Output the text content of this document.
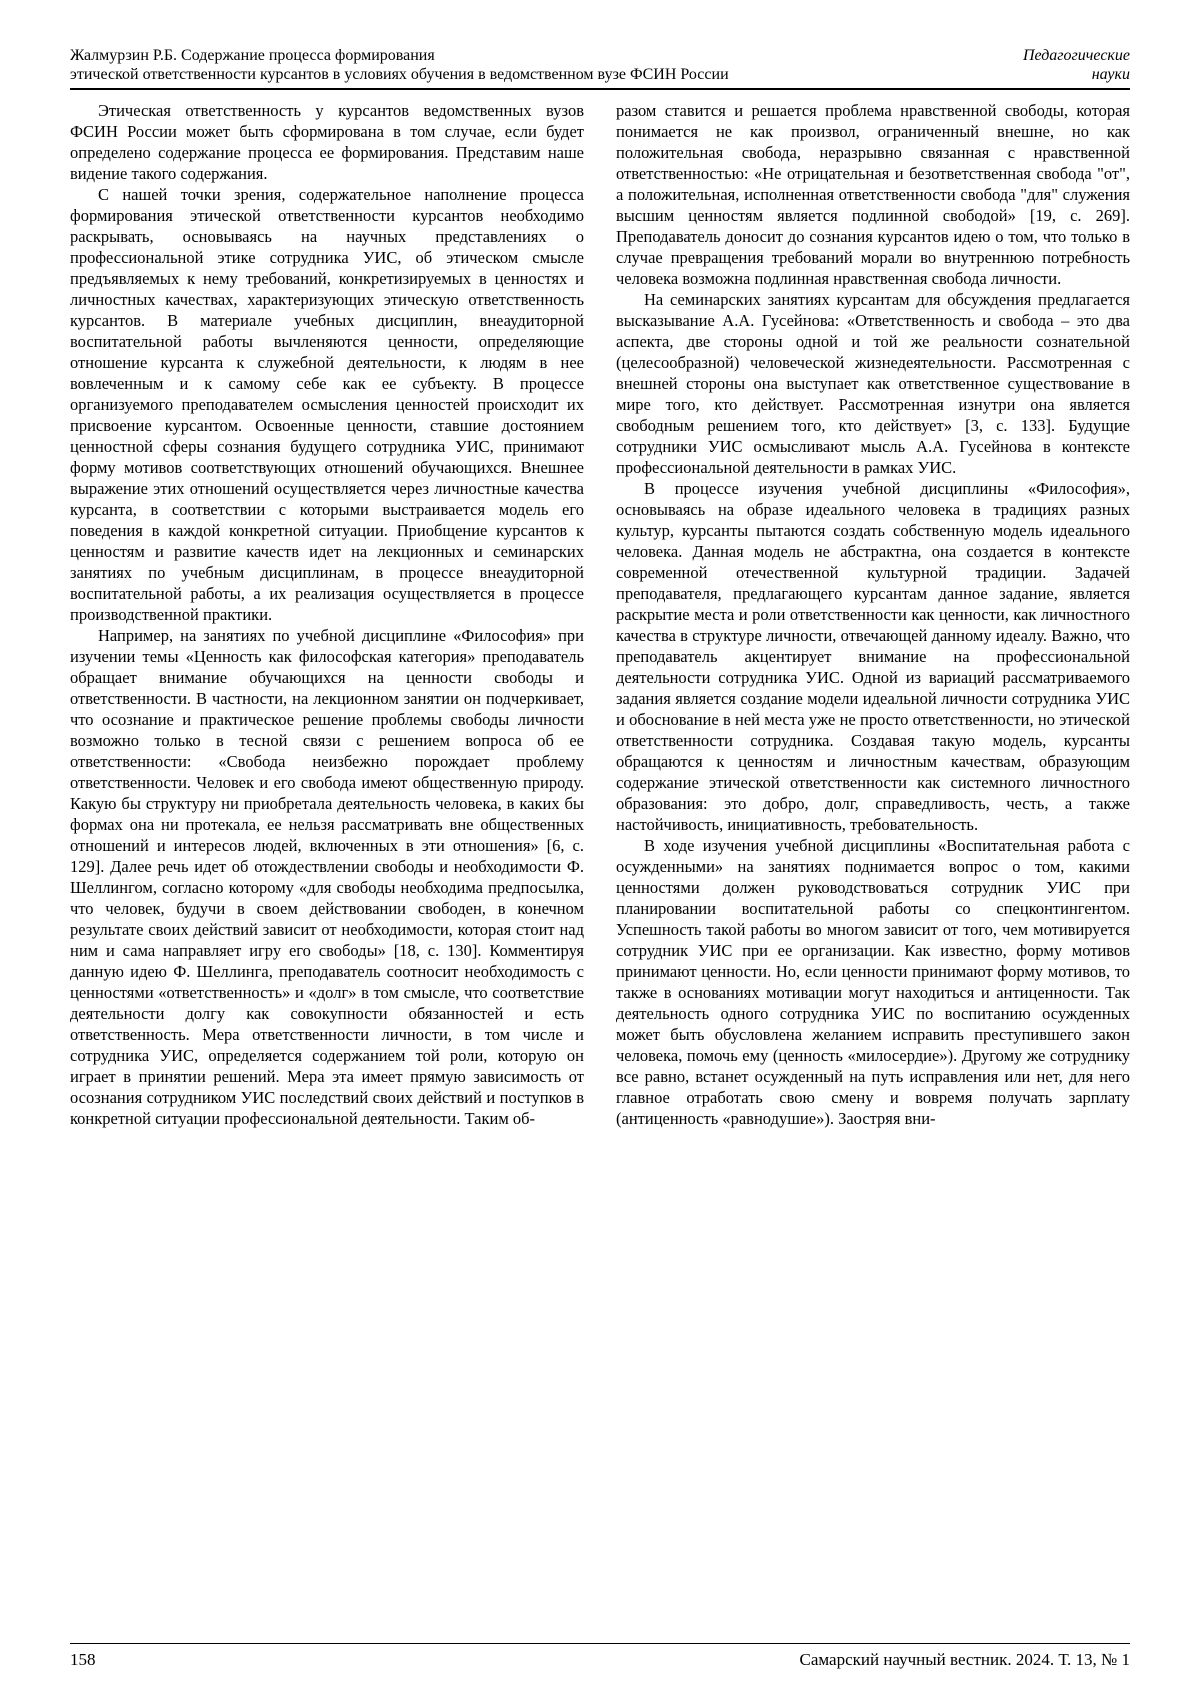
Жалмурзин Р.Б. Содержание процесса формирования
этической ответственности курсантов в условиях обучения в ведомственном вузе ФСИН России
Педагогические
науки

Этическая ответственность у курсантов ведомственных вузов ФСИН России может быть сформирована в том случае, если будет определено содержание процесса ее формирования. Представим наше видение такого содержания.

С нашей точки зрения, содержательное наполнение процесса формирования этической ответственности курсантов необходимо раскрывать, основываясь на научных представлениях о профессиональной этике сотрудника УИС, об этическом смысле предъявляемых к нему требований, конкретизируемых в ценностях и личностных качествах, характеризующих этическую ответственность курсантов. В материале учебных дисциплин, внеаудиторной воспитательной работы вычленяются ценности, определяющие отношение курсанта к служебной деятельности, к людям в нее вовлеченным и к самому себе как ее субъекту. В процессе организуемого преподавателем осмысления ценностей происходит их присвоение курсантом. Освоенные ценности, ставшие достоянием ценностной сферы сознания будущего сотрудника УИС, принимают форму мотивов соответствующих отношений обучающихся. Внешнее выражение этих отношений осуществляется через личностные качества курсанта, в соответствии с которыми выстраивается модель его поведения в каждой конкретной ситуации. Приобщение курсантов к ценностям и развитие качеств идет на лекционных и семинарских занятиях по учебным дисциплинам, в процессе внеаудиторной воспитательной работы, а их реализация осуществляется в процессе производственной практики.

Например, на занятиях по учебной дисциплине «Философия» при изучении темы «Ценность как философская категория» преподаватель обращает внимание обучающихся на ценности свободы и ответственности. В частности, на лекционном занятии он подчеркивает, что осознание и практическое решение проблемы свободы личности возможно только в тесной связи с решением вопроса об ее ответственности: «Свобода неизбежно порождает проблему ответственности. Человек и его свобода имеют общественную природу. Какую бы структуру ни приобретала деятельность человека, в каких бы формах она ни протекала, ее нельзя рассматривать вне общественных отношений и интересов людей, включенных в эти отношения» [6, с. 129]. Далее речь идет об отождествлении свободы и необходимости Ф. Шеллингом, согласно которому «для свободы необходима предпосылка, что человек, будучи в своем действовании свободен, в конечном результате своих действий зависит от необходимости, которая стоит над ним и сама направляет игру его свободы» [18, с. 130]. Комментируя данную идею Ф. Шеллинга, преподаватель соотносит необходимость с ценностями «ответственность» и «долг» в том смысле, что соответствие деятельности долгу как совокупности обязанностей и есть ответственность. Мера ответственности личности, в том числе и сотрудника УИС, определяется содержанием той роли, которую он играет в принятии решений. Мера эта имеет прямую зависимость от осознания сотрудником УИС последствий своих действий и поступков в конкретной ситуации профессиональной деятельности. Таким об-

разом ставится и решается проблема нравственной свободы, которая понимается не как произвол, ограниченный внешне, но как положительная свобода, неразрывно связанная с нравственной ответственностью: «Не отрицательная и безответственная свобода "от", а положительная, исполненная ответственности свобода "для" служения высшим ценностям является подлинной свободой» [19, с. 269]. Преподаватель доносит до сознания курсантов идею о том, что только в случае превращения требований морали во внутреннюю потребность человека возможна подлинная нравственная свобода личности.

На семинарских занятиях курсантам для обсуждения предлагается высказывание А.А. Гусейнова: «Ответственность и свобода – это два аспекта, две стороны одной и той же реальности сознательной (целесообразной) человеческой жизнедеятельности. Рассмотренная с внешней стороны она выступает как ответственное существование в мире того, кто действует. Рассмотренная изнутри она является свободным решением того, кто действует» [3, с. 133]. Будущие сотрудники УИС осмысливают мысль А.А. Гусейнова в контексте профессиональной деятельности в рамках УИС.

В процессе изучения учебной дисциплины «Философия», основываясь на образе идеального человека в традициях разных культур, курсанты пытаются создать собственную модель идеального человека. Данная модель не абстрактна, она создается в контексте современной отечественной культурной традиции. Задачей преподавателя, предлагающего курсантам данное задание, является раскрытие места и роли ответственности как ценности, как личностного качества в структуре личности, отвечающей данному идеалу. Важно, что преподаватель акцентирует внимание на профессиональной деятельности сотрудника УИС. Одной из вариаций рассматриваемого задания является создание модели идеальной личности сотрудника УИС и обоснование в ней места уже не просто ответственности, но этической ответственности сотрудника. Создавая такую модель, курсанты обращаются к ценностям и личностным качествам, образующим содержание этической ответственности как системного личностного образования: это добро, долг, справедливость, честь, а также настойчивость, инициативность, требовательность.

В ходе изучения учебной дисциплины «Воспитательная работа с осужденными» на занятиях поднимается вопрос о том, какими ценностями должен руководствоваться сотрудник УИС при планировании воспитательной работы со спецконтингентом. Успешность такой работы во многом зависит от того, чем мотивируется сотрудник УИС при ее организации. Как известно, форму мотивов принимают ценности. Но, если ценности принимают форму мотивов, то также в основаниях мотивации могут находиться и антиценности. Так деятельность одного сотрудника УИС по воспитанию осужденных может быть обусловлена желанием исправить преступившего закон человека, помочь ему (ценность «милосердие»). Другому же сотруднику все равно, встанет осужденный на путь исправления или нет, для него главное отработать свою смену и вовремя получать зарплату (антиценность «равнодушие»). Заостряя вни-

158	Самарский научный вестник. 2024. Т. 13, № 1
